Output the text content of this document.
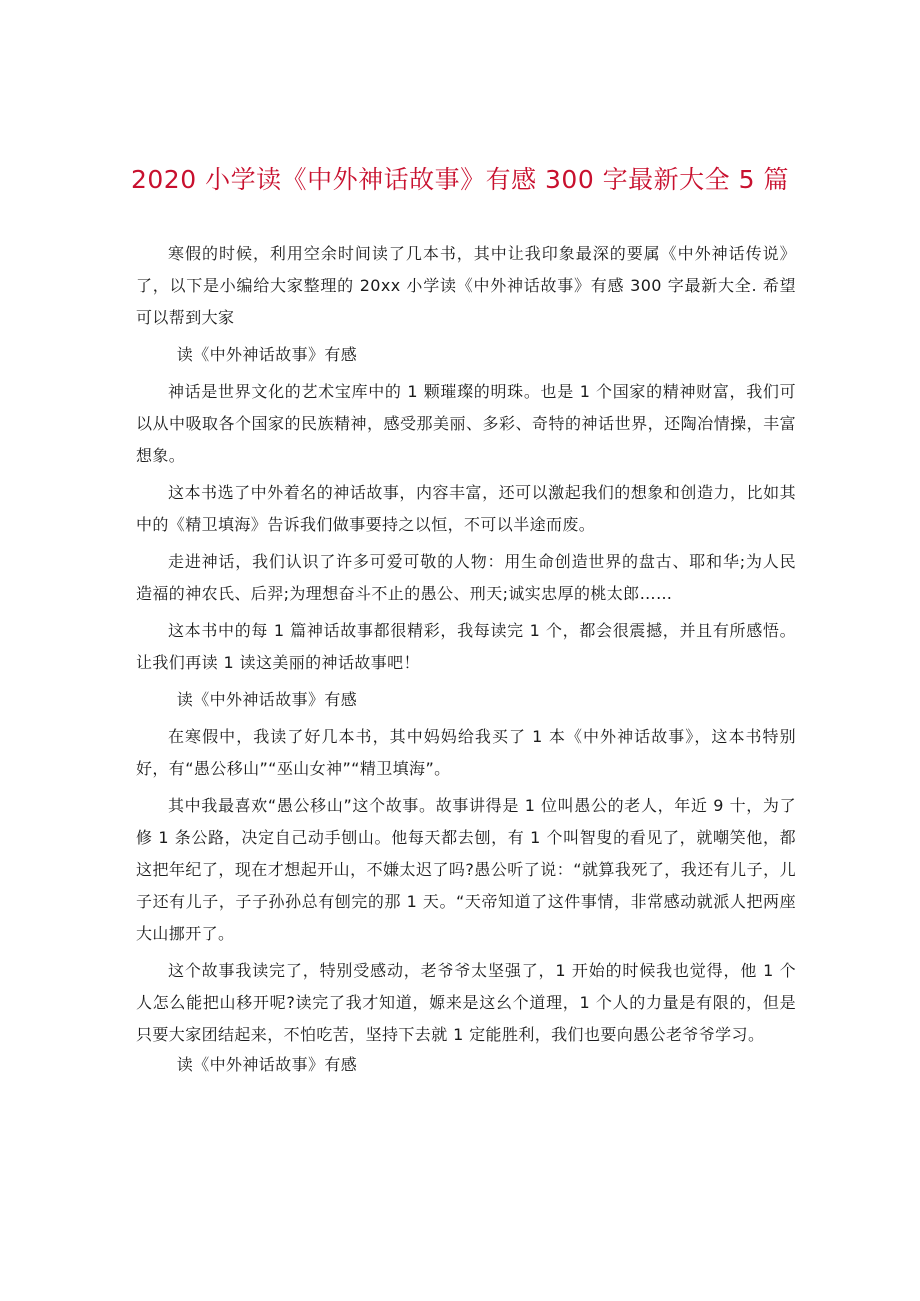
2020 小学读《中外神话故事》有感 300 字最新大全 5 篇

寒假的时候，利用空余时间读了几本书，其中让我印象最深的要属《中外神话传说》了，以下是小编给大家整理的 20xx 小学读《中外神话故事》有感 300 字最新大全. 希望可以帮到大家

读《中外神话故事》有感

神话是世界文化的艺术宝库中的 1 颗璀璨的明珠。也是 1 个国家的精神财富，我们可以从中吸取各个国家的民族精神，感受那美丽、多彩、奇特的神话世界，还陶冶情操，丰富想象。

这本书选了中外着名的神话故事，内容丰富，还可以激起我们的想象和创造力，比如其中的《精卫填海》告诉我们做事要持之以恒，不可以半途而废。

走进神话，我们认识了许多可爱可敬的人物：用生命创造世界的盘古、耶和华;为人民造福的神农氏、后羿;为理想奋斗不止的愚公、刑天;诚实忠厚的桃太郎……

这本书中的每 1 篇神话故事都很精彩，我每读完 1 个，都会很震撼，并且有所感悟。让我们再读 1 读这美丽的神话故事吧！

读《中外神话故事》有感

在寒假中，我读了好几本书，其中妈妈给我买了 1 本《中外神话故事》，这本书特别好，有“愚公移山”“巫山女神”“精卫填海”。

其中我最喜欢“愚公移山”这个故事。故事讲得是 1 位叫愚公的老人，年近 9 十，为了修 1 条公路，决定自己动手刨山。他每天都去刨，有 1 个叫智叟的看见了，就嘲笑他，都这把年纪了，现在才想起开山，不嫌太迟了吗?愚公听了说：“就算我死了，我还有儿子，儿子还有儿子，子子孙孙总有刨完的那 1 天。“天帝知道了这件事情，非常感动就派人把两座大山挪开了。

这个故事我读完了，特别受感动，老爷爷太坚强了，1 开始的时候我也觉得，他 1 个人怎么能把山移开呢?读完了我才知道，嫄来是这幺个道理，1 个人的力量是有限的，但是只要大家团结起来，不怕吃苦，坚持下去就 1 定能胜利，我们也要向愚公老爷爷学习。

读《中外神话故事》有感
